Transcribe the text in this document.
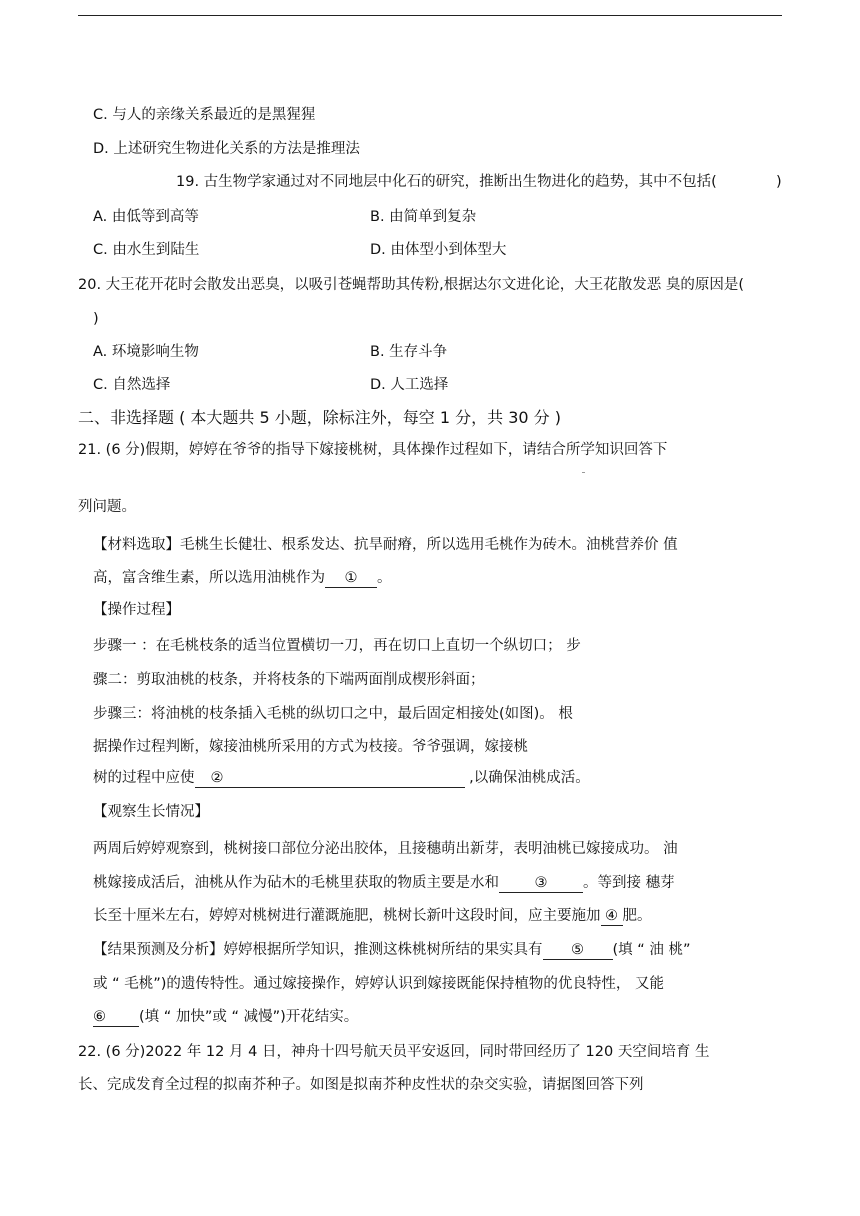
C. 与人的亲缘关系最近的是黑猩猩
D. 上述研究生物进化关系的方法是推理法
19. 古生物学家通过对不同地层中化石的研究，推断出生物进化的趋势，其中不包括(	)
A. 由低等到高等	B. 由简单到复杂
C. 由水生到陆生	D. 由体型小到体型大
20. 大王花开花时会散发出恶臭，以吸引苍蝇帮助其传粉,根据达尔文进化论，大王花散发恶 臭的原因是(
)
A. 环境影响生物	B. 生存斗争
C. 自然选择	D. 人工选择
二、非选择题 ( 本大题共 5 小题，除标注外，每空 1 分，共 30 分 )
21. (6 分)假期，婷婷在爷爷的指导下嫁接桃树，具体操作过程如下，请结合所学知识回答下
列问题。
【材料选取】毛桃生长健壮、根系发达、抗旱耐瘠，所以选用毛桃作为砖木。油桃营养价 值
高，富含维生素，所以选用油桃作为 ① 。
【操作过程】
步骤一 ：在毛桃枝条的适当位置横切一刀，再在切口上直切一个纵切口； 步
骤二：剪取油桃的枝条，并将枝条的下端两面削成楔形斜面；
步骤三：将油桃的枝条插入毛桃的纵切口之中，最后固定相接处(如图)。 根
据操作过程判断，嫁接油桃所采用的方式为枝接。爷爷强调，嫁接桃
树的过程中应使 ②	,以确保油桃成活。
【观察生长情况】
两周后婷婷观察到，桃树接口部位分泌出胶体，且接穗萌出新芽，表明油桃已嫁接成功。 油
桃嫁接成活后，油桃从作为砧木的毛桃里获取的物质主要是水和 ③ 。等到接 穗芽
长至十厘米左右，婷婷对桃树进行灌溉施肥，桃树长新叶这段时间，应主要施加 ④ 肥。
【结果预测及分析】婷婷根据所学知识，推测这株桃树所结的果实具有 ⑤ (填 “ 油 桃”
或 “ 毛桃”)的遗传特性。通过嫁接操作，婷婷认识到嫁接既能保持植物的优良特性， 又能
⑥ (填 “ 加快”或 “ 减慢”)开花结实。
22. (6 分)2022 年 12 月 4 日，神舟十四号航天员平安返回，同时带回经历了 120 天空间培育 生
长、完成发育全过程的拟南芥种子。如图是拟南芥种皮性状的杂交实验，请据图回答下列
